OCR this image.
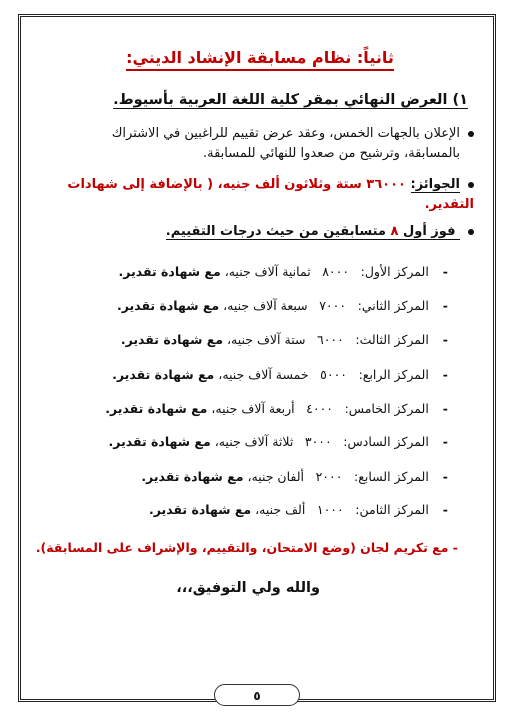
ثانياً: نظام مسابقة الإنشاد الديني:
١) العرض النهائي بمقر كلية اللغة العربية بأسيوط.
الإعلان بالجهات الخمس، وعقد عرض تقييم للراغبين في الاشتراك
بالمسابقة، وترشيح من صعدوا للنهائي للمسابقة.
الجوائز: ٣٦٠٠٠ ستة وثلاثون ألف جنيه، ( بالإضافة إلى شهادات التقدير.
فوز أول ٨ متسابقين من حيث درجات التقييم.
- المركز الأول: ٨٠٠٠ ثمانية آلاف جنيه، مع شهادة تقدير.
- المركز الثاني: ٧٠٠٠ سبعة آلاف جنيه، مع شهادة تقدير.
- المركز الثالث: ٦٠٠٠ ستة آلاف جنيه، مع شهادة تقدير.
- المركز الرابع: ٥٠٠٠ خمسة آلاف جنيه، مع شهادة تقدير.
- المركز الخامس: ٤٠٠٠ أربعة آلاف جنيه، مع شهادة تقدير.
- المركز السادس: ٣٠٠٠ ثلاثة آلاف جنيه، مع شهادة تقدير.
- المركز السابع: ٢٠٠٠ ألفان جنيه، مع شهادة تقدير.
- المركز الثامن: ١٠٠٠ ألف جنيه، مع شهادة تقدير.
- مع تكريم لجان (وضع الامتحان، والتقييم، والإشراف على المسابقة).
والله ولي التوفيق،،،
٥
